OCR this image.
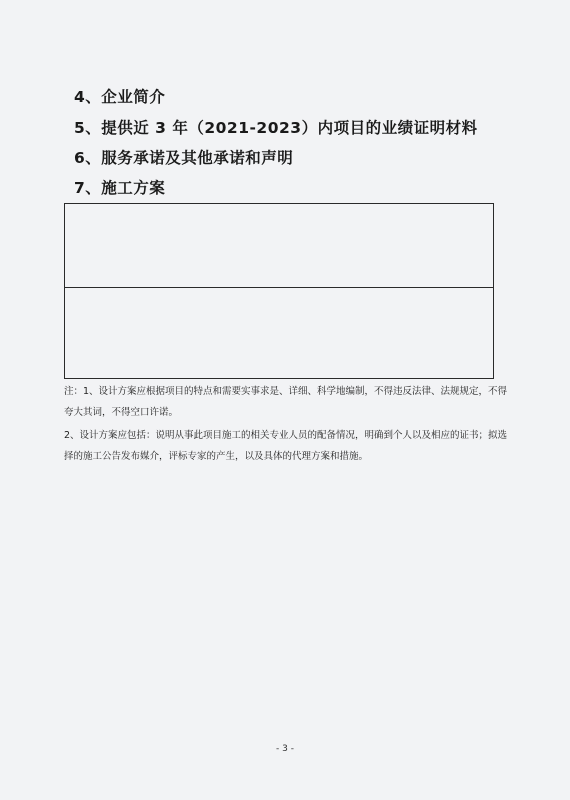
4、企业简介
5、提供近 3 年（2021-2023）内项目的业绩证明材料
6、服务承诺及其他承诺和声明
7、施工方案
注：1、设计方案应根据项目的特点和需要实事求是、详细、科学地编制，不得违反法律、法规规定，不得夸大其词，不得空口许诺。
2、设计方案应包括：说明从事此项目施工的相关专业人员的配备情况，明确到个人以及相应的证书；拟选择的施工公告发布媒介，评标专家的产生，以及具体的代理方案和措施。
- 3 -
